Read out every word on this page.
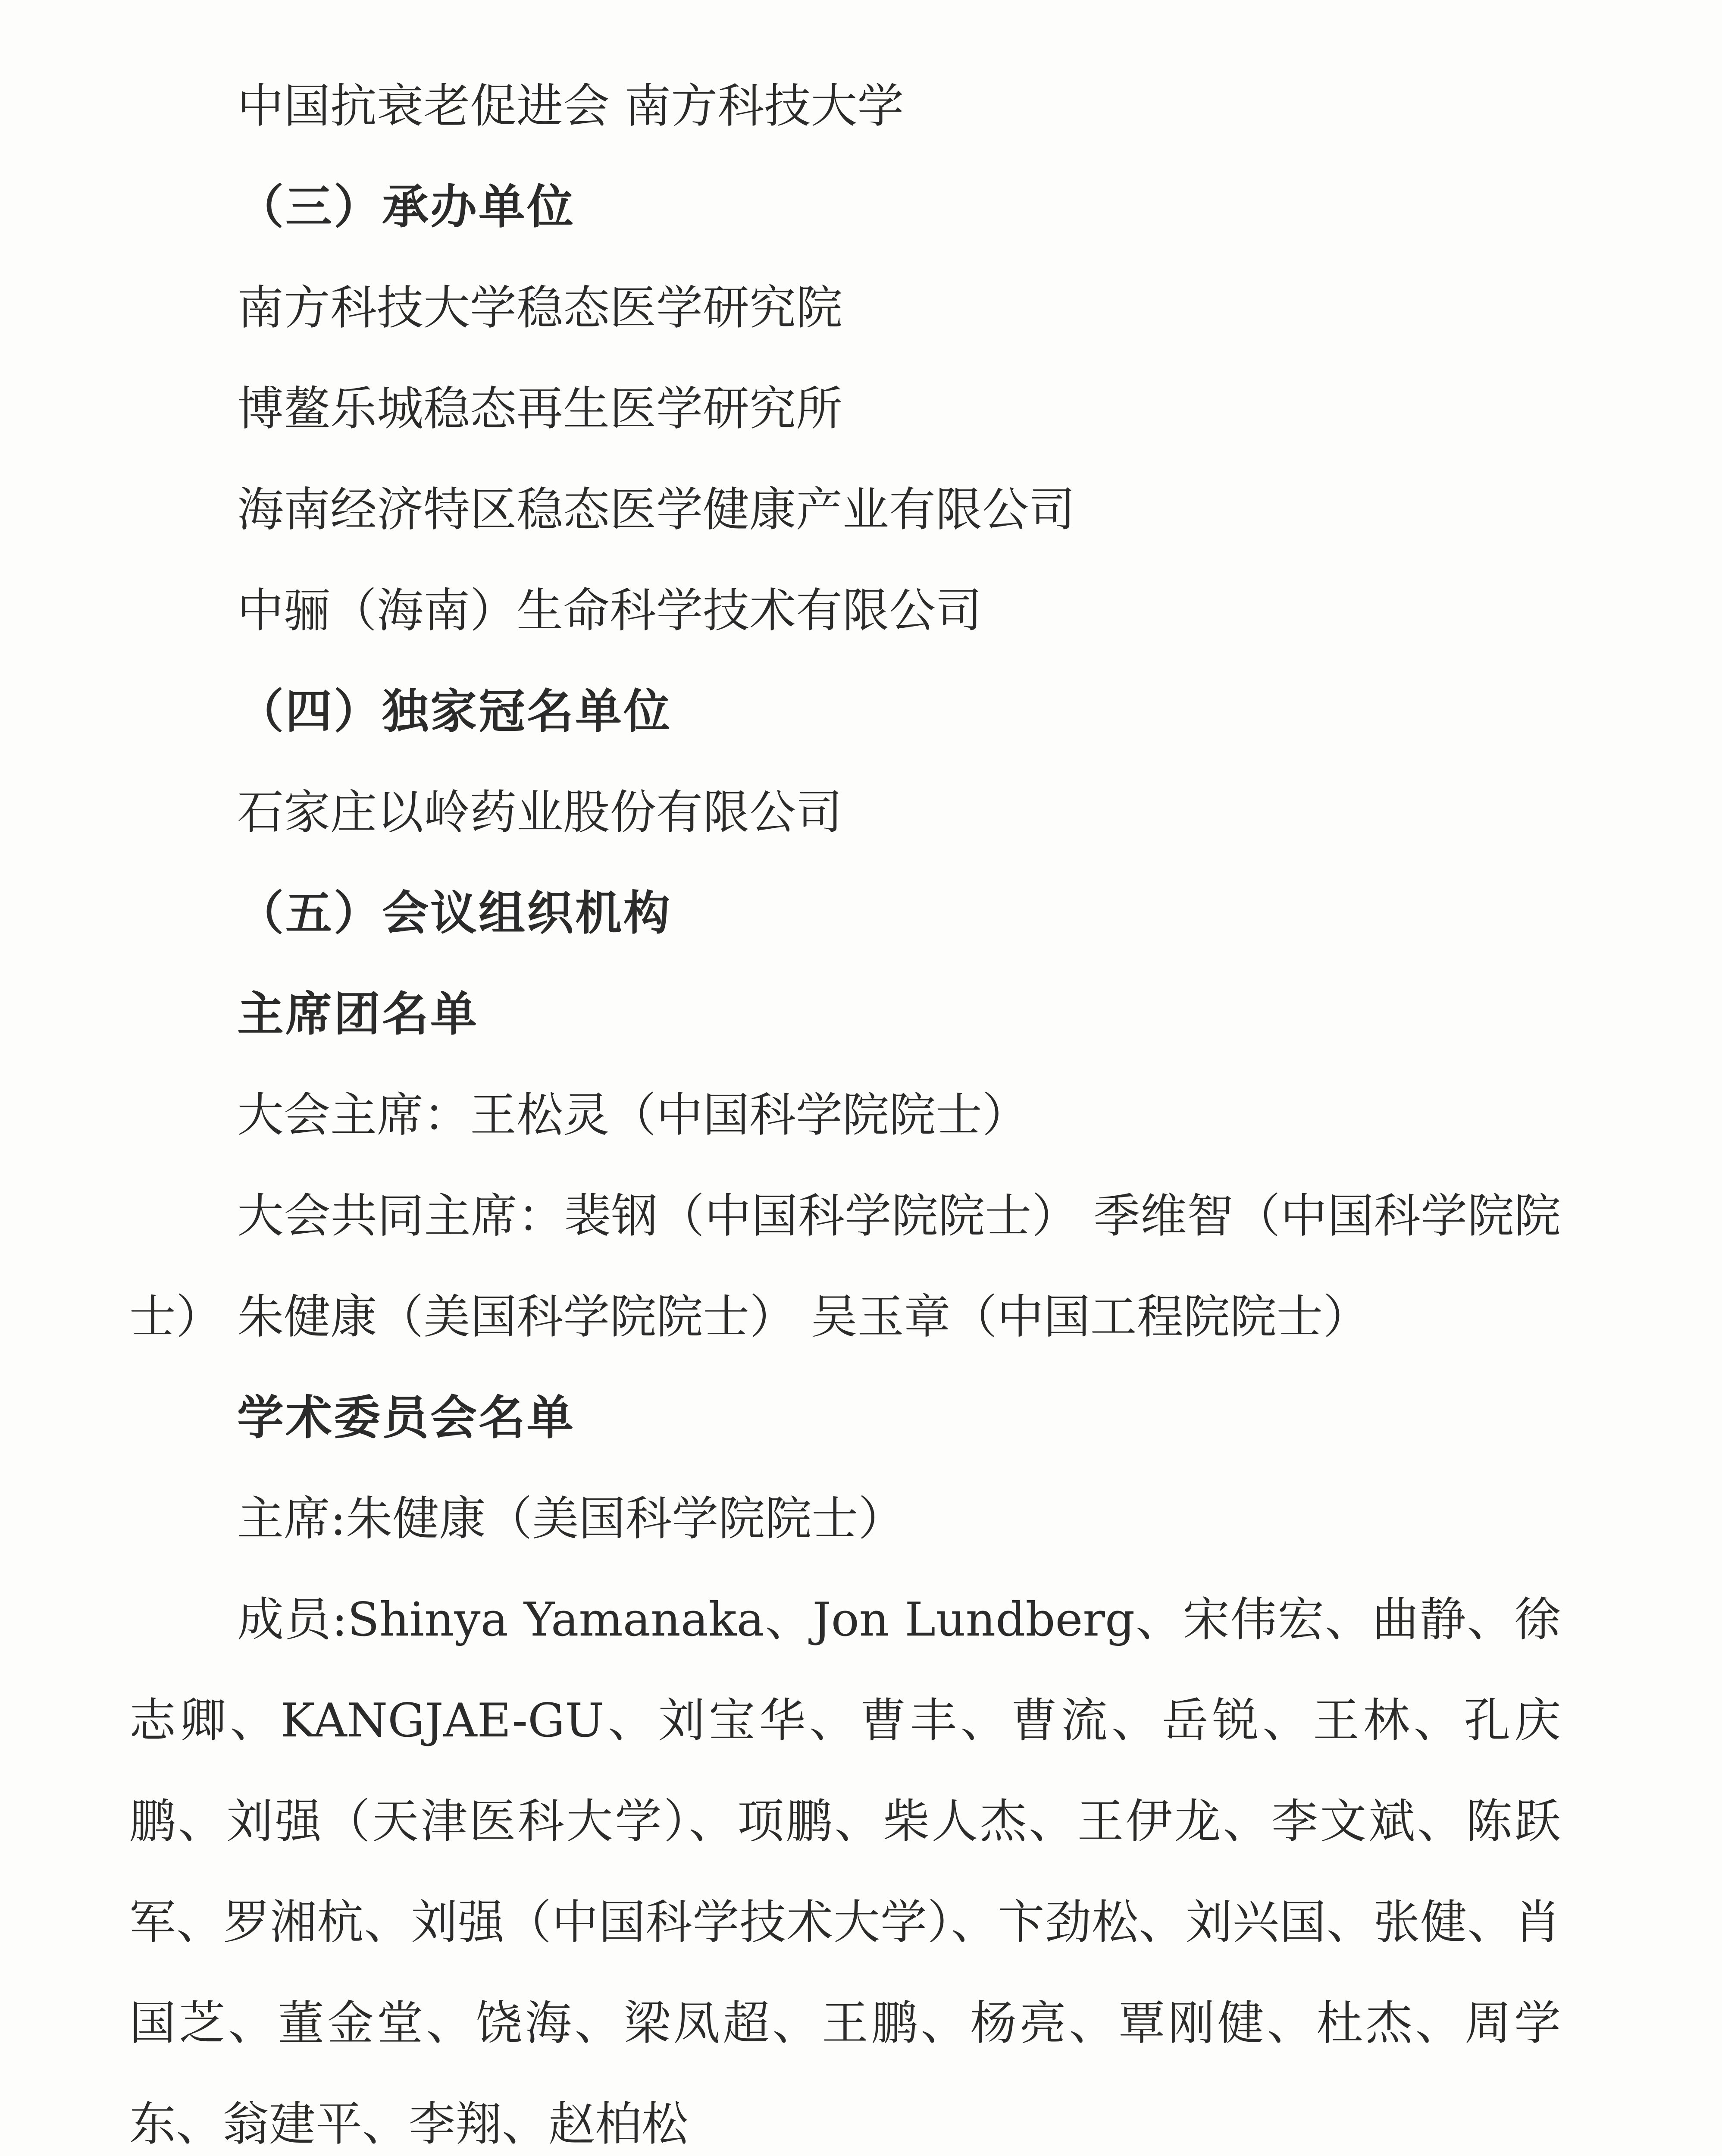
中国抗衰老促进会 南方科技大学

（三）承办单位

南方科技大学稳态医学研究院

博鳌乐城稳态再生医学研究所

海南经济特区稳态医学健康产业有限公司

中骊（海南）生命科学技术有限公司

（四）独家冠名单位

石家庄以岭药业股份有限公司

（五）会议组织机构

主席团名单

大会主席：王松灵（中国科学院院士）

大会共同主席：裴钢（中国科学院院士） 季维智（中国科学院院士） 朱健康（美国科学院院士） 吴玉章（中国工程院院士）

学术委员会名单

主席:朱健康（美国科学院院士）

成员:Shinya Yamanaka、Jon Lundberg、宋伟宏、曲静、徐志卿、KANGJAE-GU、刘宝华、曹丰、曹流、岳锐、王林、孔庆鹏、刘强（天津医科大学）、项鹏、柴人杰、王伊龙、李文斌、陈跃军、罗湘杭、刘强（中国科学技术大学）、卞劲松、刘兴国、张健、肖国芝、董金堂、饶海、梁凤超、王鹏、杨亮、覃刚健、杜杰、周学东、翁建平、李翔、赵柏松
